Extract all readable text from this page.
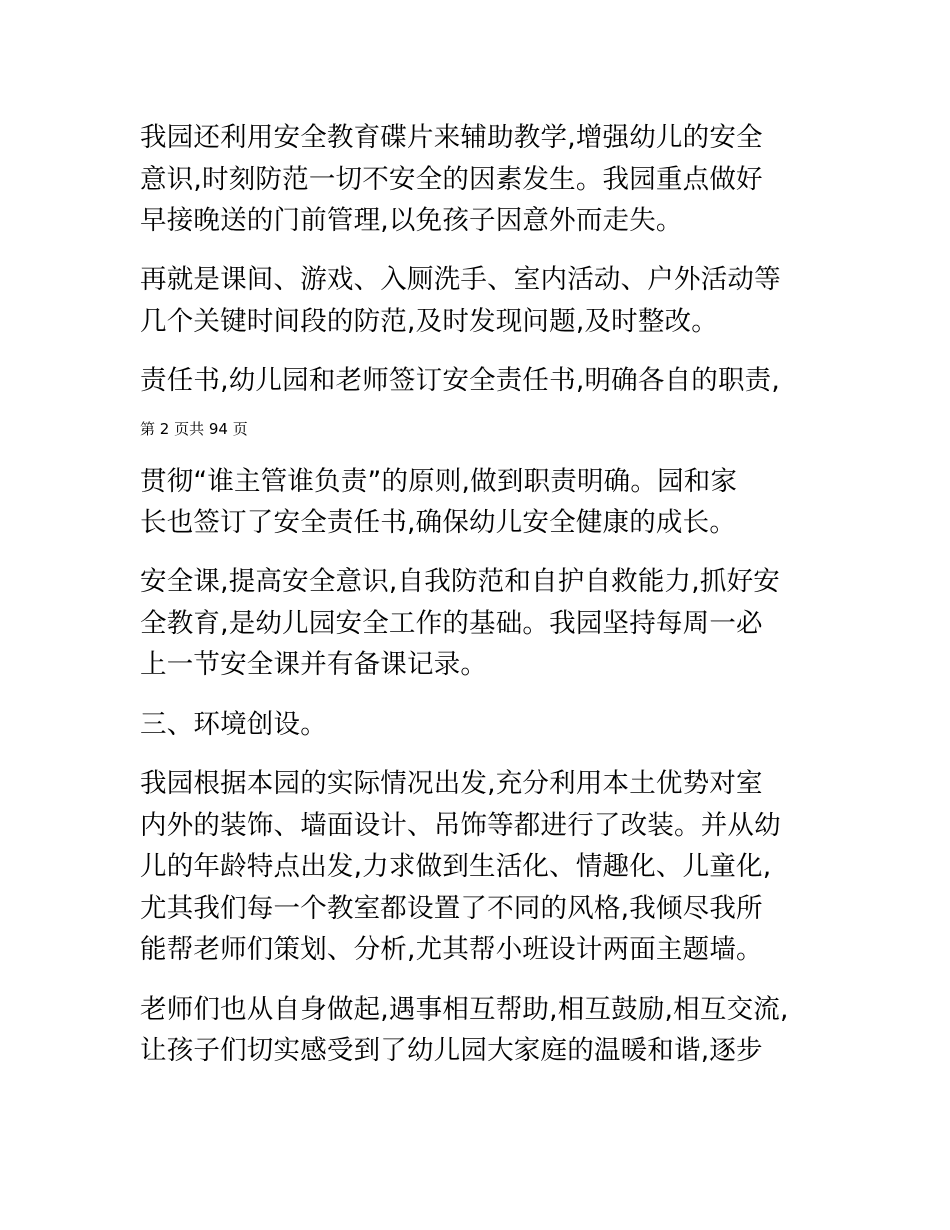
我园还利用安全教育碟片来辅助教学,增强幼儿的安全
意识,时刻防范一切不安全的因素发生。我园重点做好
早接晚送的门前管理,以免孩子因意外而走失。
再就是课间、游戏、入厕洗手、室内活动、户外活动等
几个关键时间段的防范,及时发现问题,及时整改。
责任书,幼儿园和老师签订安全责任书,明确各自的职责,
第 2 页共 94 页
贯彻“谁主管谁负责”的原则,做到职责明确。园和家
长也签订了安全责任书,确保幼儿安全健康的成长。
安全课,提高安全意识,自我防范和自护自救能力,抓好安
全教育,是幼儿园安全工作的基础。我园坚持每周一必
上一节安全课并有备课记录。
三、环境创设。
我园根据本园的实际情况出发,充分利用本土优势对室
内外的装饰、墙面设计、吊饰等都进行了改装。并从幼
儿的年龄特点出发,力求做到生活化、情趣化、儿童化,
尤其我们每一个教室都设置了不同的风格,我倾尽我所
能帮老师们策划、分析,尤其帮小班设计两面主题墙。
老师们也从自身做起,遇事相互帮助,相互鼓励,相互交流,
让孩子们切实感受到了幼儿园大家庭的温暖和谐,逐步
